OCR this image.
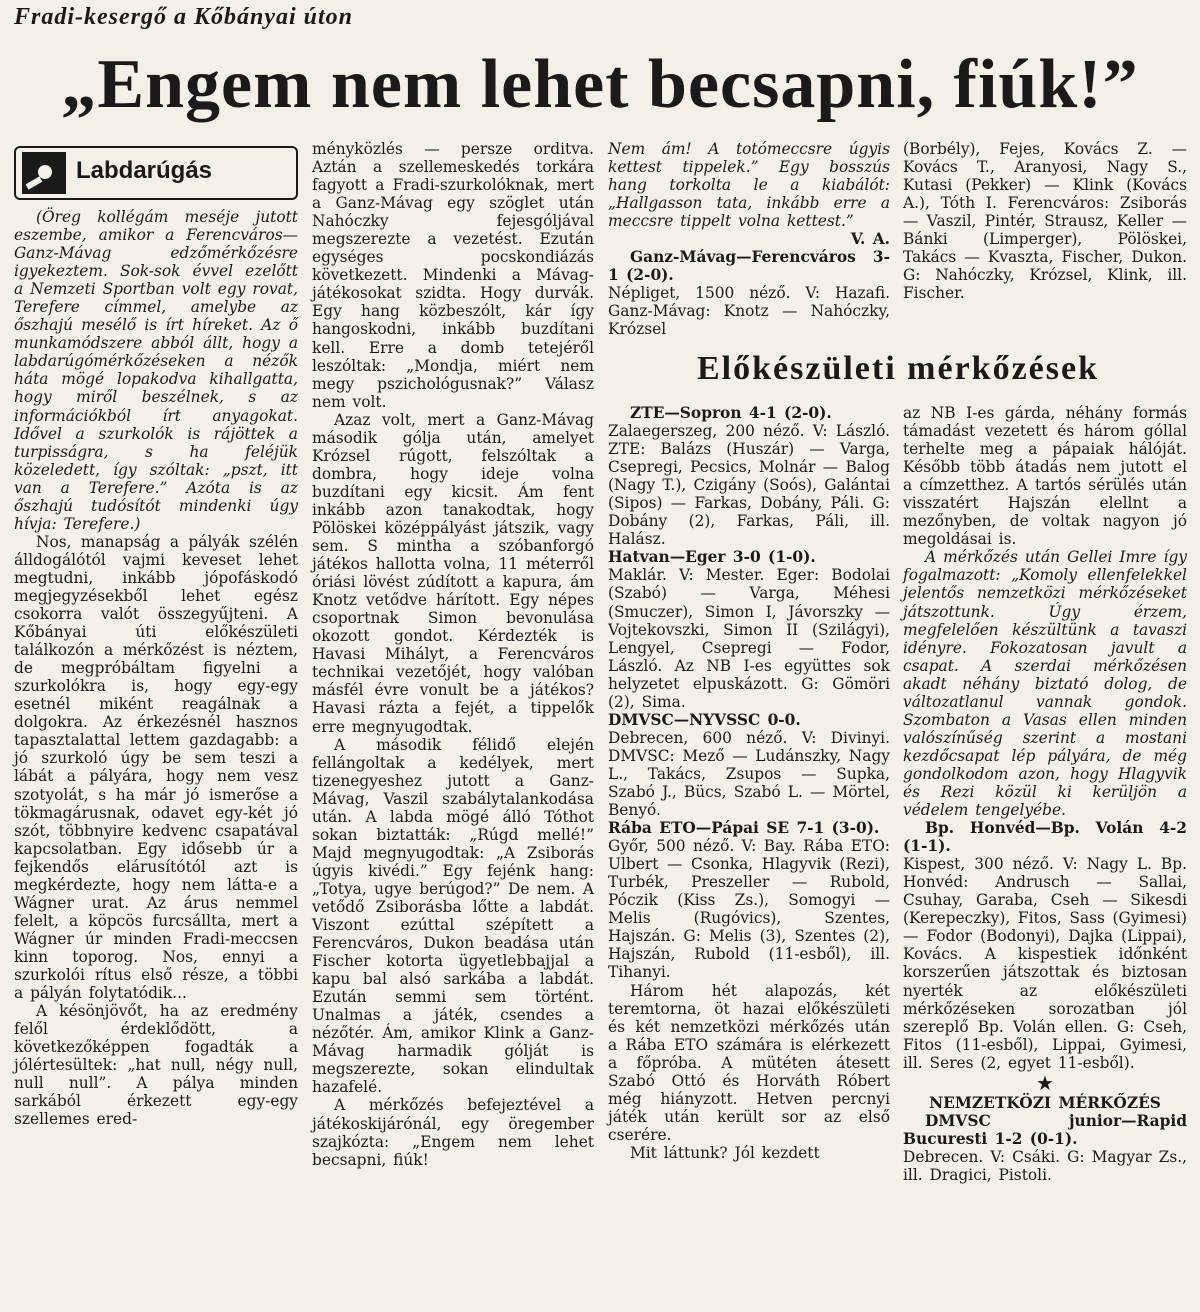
Fradi-kesergő a Kőbányai úton
„Engem nem lehet becsapni, fiúk!”
Labdarúgás

(Öreg kollégám meséje jutott eszembe, amikor a Ferencváros—Ganz-Mávag edzőmérkőzésre igyekeztem. Sok-sok évvel ezelőtt a Nemzeti Sportban volt egy rovat, Terefere címmel, amelybe az őszhajú mesélő is írt híreket. Az ő munkamódszere abból állt, hogy a labdarúgómérkőzéseken a nézők háta mögé lopakodva kihallgatta, hogy miről beszélnek, s az információkból írt anyagokat. Idővel a szurkolók is rájöttek a turpisságra, s ha feléjük közeledett, így szóltak: „pszt, itt van a Terefere.” Azóta is az őszhajú tudósítót mindenki úgy hívja: Terefere.)

Nos, manapság a pályák szélén álldogálótól vajmi keveset lehet megtudni, inkább jópofáskodó megjegyzésekből lehet egész csokorra valót összegyűjteni. A Kőbányai úti előkészületi találkozón a mérkőzést is néztem, de megpróbáltam figyelni a szurkolókra is, hogy egy-egy esetnél miként reagálnak a dolgokra. Az érkezésnél hasznos tapasztalattal lettem gazdagabb: a jó szurkoló úgy be sem teszi a lábát a pályára, hogy nem vesz szotyolát, s ha már jó ismerőse a tökmagárusnak, odavet egy-két jó szót, többnyire kedvenc csapatával kapcsolatban. Egy idősebb úr a fejkendős elárusítótól azt is megkérdezte, hogy nem látta-e a Wágner urat. Az árus nemmel felelt, a köpcös furcsállta, mert a Wágner úr minden Fradi-meccsen kinn toporog. Nos, ennyi a szurkolói rítus első része, a többi a pályán folytatódik...

A késönjövőt, ha az eredmény felől érdeklődött, a következőképpen fogadták a jólértesültek: „hat null, négy null, null null”. A pálya minden sarkából érkezett egy-egy szellemes ered-

ményközlés — persze orditva. Aztán a szellemeskedés torkára fagyott a Fradi-szurkolóknak, mert a Ganz-Mávag egy szöglet után Nahóczky fejesgóljával megszerezte a vezetést. Ezután egységes pocskondiázás következett. Mindenki a Mávag-játékosokat szidta. Hogy durvák. Egy hang közbeszólt, kár így hangoskodni, inkább buzdítani kell. Erre a domb tetejéről leszóltak: „Mondja, miért nem megy pszichológusnak?” Válasz nem volt.

Azaz volt, mert a Ganz-Mávag második gólja után, amelyet Krózsel rúgott, felszóltak a dombra, hogy ideje volna buzdítani egy kicsit. Ám fent inkább azon tanakodtak, hogy Pölöskei középpályást játszik, vagy sem. S mintha a szóbanforgó játékos hallotta volna, 11 méterről óriási lövést zúdított a kapura, ám Knotz vetődve hárított. Egy népes csoportnak Simon bevonulása okozott gondot. Kérdezték is Havasi Mihályt, a Ferencváros technikai vezetőjét, hogy valóban másfél évre vonult be a játékos? Havasi rázta a fejét, a tippelők erre megnyugodtak.

A második félidő elején fellángoltak a kedélyek, mert tizenegyeshez jutott a Ganz-Mávag, Vaszil szabálytalankodása után. A labda mögé álló Tóthot sokan biztatták: „Rúgd mellé!” Majd megnyugodtak: „A Zsiborás úgyis kivédi.” Egy fejénk hang: „Totya, ugye berúgod?” De nem. A vetődő Zsiborásba lőtte a labdát. Viszont ezúttal szépített a Ferencváros, Dukon beadása után Fischer kotorta ügyetlebbajjal a kapu bal alsó sarkába a labdát. Ezután semmi sem történt. Unalmas a játék, csendes a nézőtér. Ám, amikor Klink a Ganz-Mávag harmadik gólját is megszerezte, sokan elindultak hazafelé.

A mérkőzés befejeztével a játékoskijárónál, egy öregember szajkózta: „Engem nem lehet becsapni, fiúk!

Nem ám! A totómeccsre úgyis kettest tippelek.” Egy bosszús hang torkolta le a kiabálót: „Hallgasson tata, inkább erre a meccsre tippelt volna kettest.”

V. A.

Ganz-Mávag—Ferencváros 3-1 (2-0).

Népliget, 1500 néző. V: Hazafi. Ganz-Mávag: Knotz — Nahóczky, Krózsel

(Borbély), Fejes, Kovács Z. — Kovács T., Aranyosi, Nagy S., Kutasi (Pekker) — Klink (Kovács A.), Tóth I. Ferencváros: Zsiborás — Vaszil, Pintér, Strausz, Keller — Bánki (Limperger), Pölöskei, Takács — Kvaszta, Fischer, Dukon. G: Nahóczky, Krózsel, Klink, ill. Fischer.

Előkészületi mérkőzések

ZTE—Sopron 4-1 (2-0).

Zalaegerszeg, 200 néző. V: László. ZTE: Balázs (Huszár) — Varga, Csepregi, Pecsics, Molnár — Balog (Nagy T.), Czigány (Soós), Galántai (Sipos) — Farkas, Dobány, Páli. G: Dobány (2), Farkas, Páli, ill. Halász.

Hatvan—Eger 3-0 (1-0).

Maklár. V: Mester. Eger: Bodolai (Szabó) — Varga, Méhesi (Smuczer), Simon I, Jávorszky — Vojtekovszki, Simon II (Szilágyi), Lengyel, Csepregi — Fodor, László. Az NB I-es együttes sok helyzetet elpuskázott. G: Gömöri (2), Sima.

DMVSC—NYVSSC 0-0.

Debrecen, 600 néző. V: Divinyi. DMVSC: Mező — Ludánszky, Nagy L., Takács, Zsupos — Supka, Szabó J., Bücs, Szabó L. — Mörtel, Benyó.

Rába ETO—Pápai SE 7-1 (3-0).

Győr, 500 néző. V: Bay. Rába ETO: Ulbert — Csonka, Hlagyvik (Rezi), Turbék, Preszeller — Rubold, Póczik (Kiss Zs.), Somogyi — Melis (Rugóvics), Szentes, Hajszán. G: Melis (3), Szentes (2), Hajszán, Rubold (11-esből), ill. Tihanyi.

Három hét alapozás, két teremtorna, öt hazai előkészületi és két nemzetközi mérkőzés után a Rába ETO számára is elérkezett a főpróba. A mütéten átesett Szabó Ottó és Horváth Róbert még hiányzott. Hetven percnyi játék után került sor az első cserére.

Mit láttunk? Jól kezdett

az NB I-es gárda, néhány formás támadást vezetett és három góllal terhelte meg a pápaiak hálóját. Később több átadás nem jutott el a címzetthez. A tartós sérülés után visszatért Hajszán elellnt a mezőnyben, de voltak nagyon jó megoldásai is.

A mérkőzés után Gellei Imre így fogalmazott: „Komoly ellenfelekkel jelentős nemzetközi mérkőzéseket játszottunk. Úgy érzem, megfelelően készültünk a tavaszi idényre. Fokozatosan javult a csapat. A szerdai mérkőzésen akadt néhány biztató dolog, de változatlanul vannak gondok. Szombaton a Vasas ellen minden valószínűség szerint a mostani kezdőcsapat lép pályára, de még gondolkodom azon, hogy Hlagyvik és Rezi közül ki kerüljön a védelem tengelyébe.

Bp. Honvéd—Bp. Volán 4-2 (1-1).

Kispest, 300 néző. V: Nagy L. Bp. Honvéd: Andrusch — Sallai, Csuhay, Garaba, Cseh — Sikesdi (Kerepeczky), Fitos, Sass (Gyimesi) — Fodor (Bodonyi), Dajka (Lippai), Kovács. A kispestiek időnként korszerűen játszottak és biztosan nyerték az előkészületi mérkőzéseken sorozatban jól szereplő Bp. Volán ellen. G: Cseh, Fitos (11-esből), Lippai, Gyimesi, ill. Seres (2, egyet 11-esből).

★

NEMZETKÖZI MÉRKŐZÉS

DMVSC junior—Rapid Bucuresti 1-2 (0-1).

Debrecen. V: Csáki. G: Magyar Zs., ill. Dragici, Pistoli.
